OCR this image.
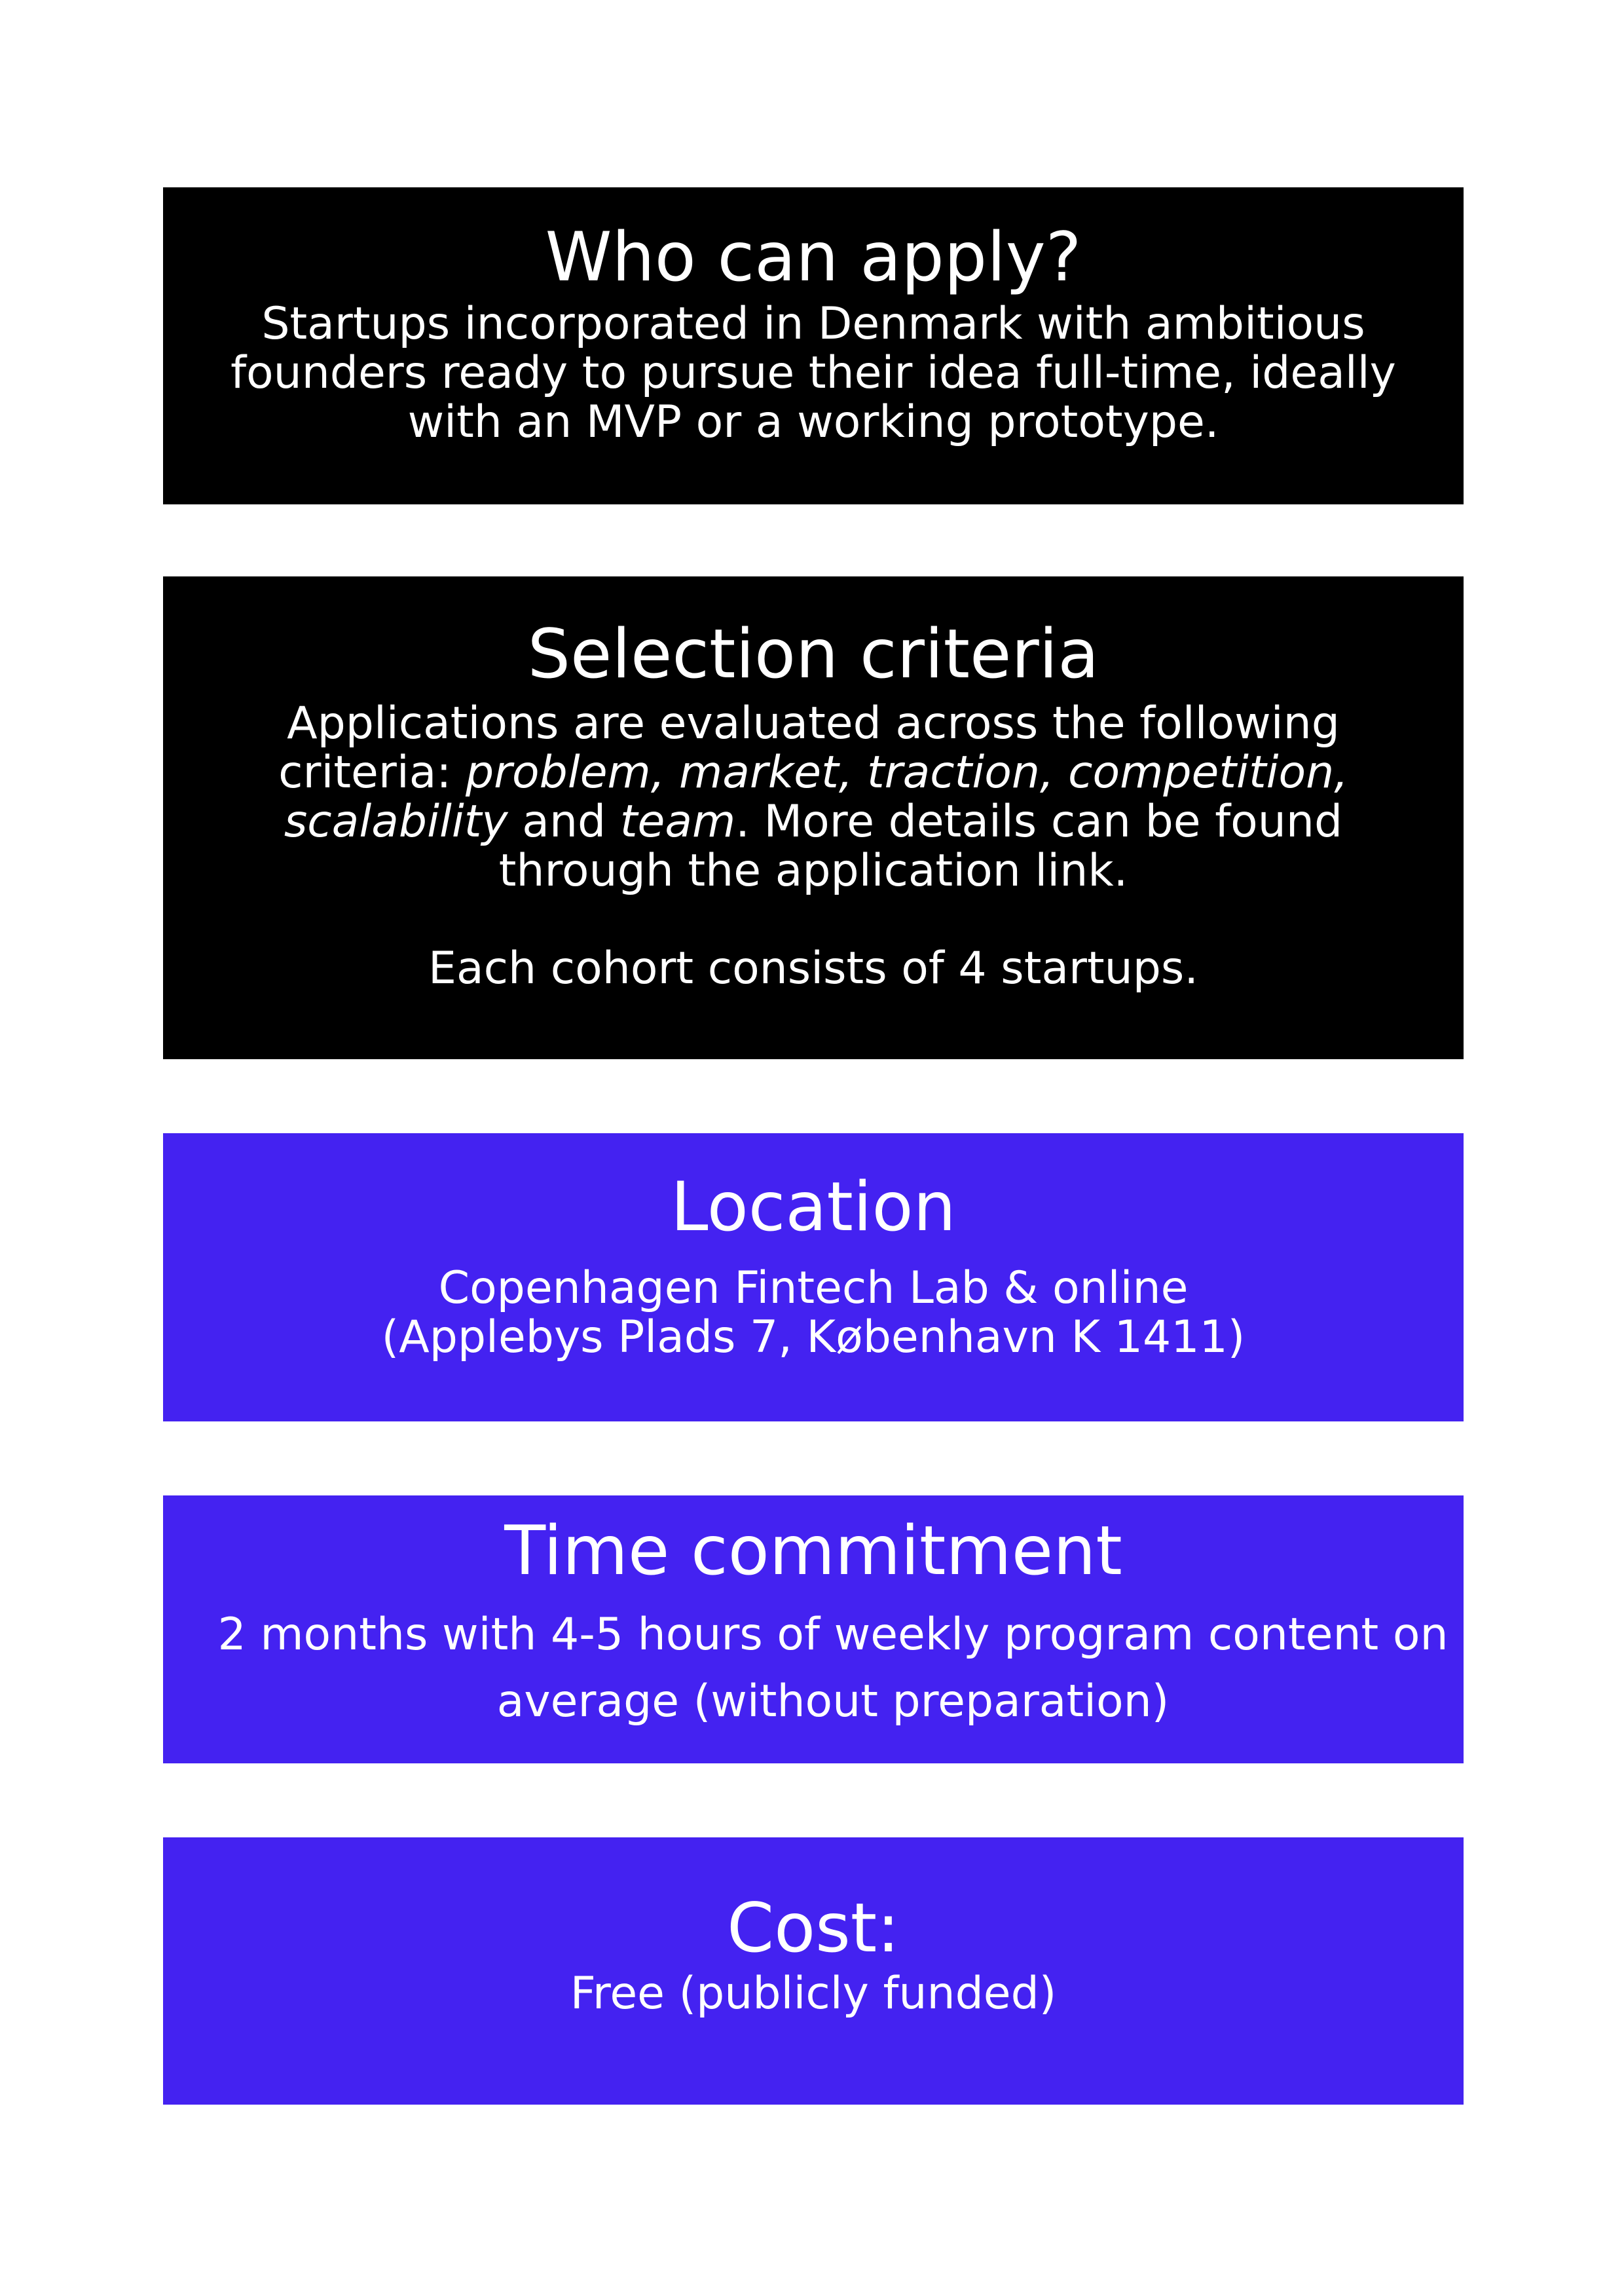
Who can apply?

Startups incorporated in Denmark with ambitious founders ready to pursue their idea full-time, ideally with an MVP or a working prototype.

Selection criteria

Applications are evaluated across the following criteria: problem, market, traction, competition, scalability and team. More details can be found through the application link.

Each cohort consists of 4 startups.

Location

Copenhagen Fintech Lab & online
(Applebys Plads 7, København K 1411)

Time commitment

2 months with 4-5 hours of weekly program content on average (without preparation)

Cost:

Free (publicly funded)
